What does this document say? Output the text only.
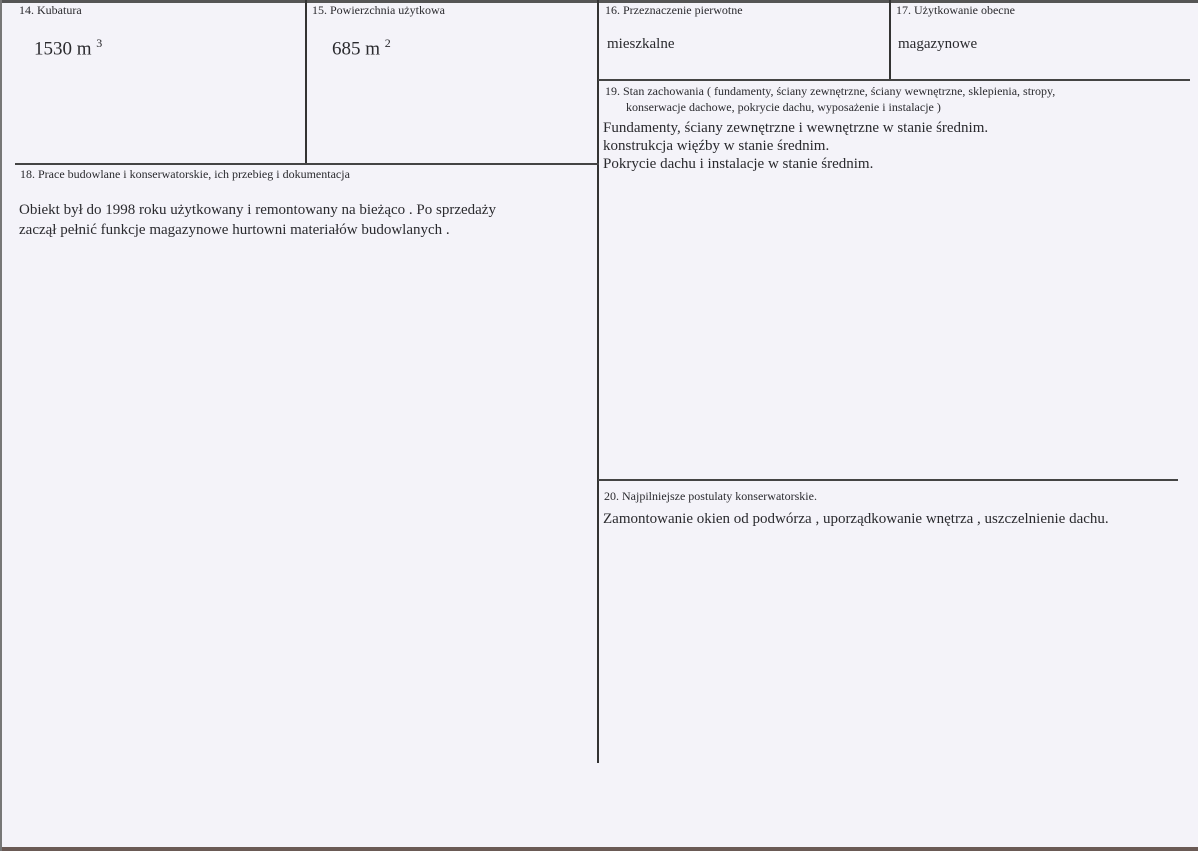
14. Kubatura
1530 m $^3$
15. Powierzchnia użytkowa
685 m $^2$
16. Przeznaczenie pierwotne
mieszkalne
17. Użytkowanie obecne
magazynowe
18. Prace budowlane i konserwatorskie, ich przebieg i dokumentacja
Obiekt był do 1998 roku użytkowany i remontowany na bieżąco . Po sprzedaży
zaczął pełnić funkcje magazynowe hurtowni materiałów budowlanych .
19. Stan zachowania ( fundamenty, ściany zewnętrzne, ściany wewnętrzne, sklepienia, stropy,
konserwacje dachowe, pokrycie dachu, wyposażenie i instalacje )
Fundamenty, ściany zewnętrzne i wewnętrzne w stanie średnim.
konstrukcja więźby w stanie średnim.
Pokrycie dachu i instalacje w stanie średnim.
20. Najpilniejsze postulaty konserwatorskie.
Zamontowanie okien od podwórza , uporządkowanie wnętrza , uszczelnienie dachu.
